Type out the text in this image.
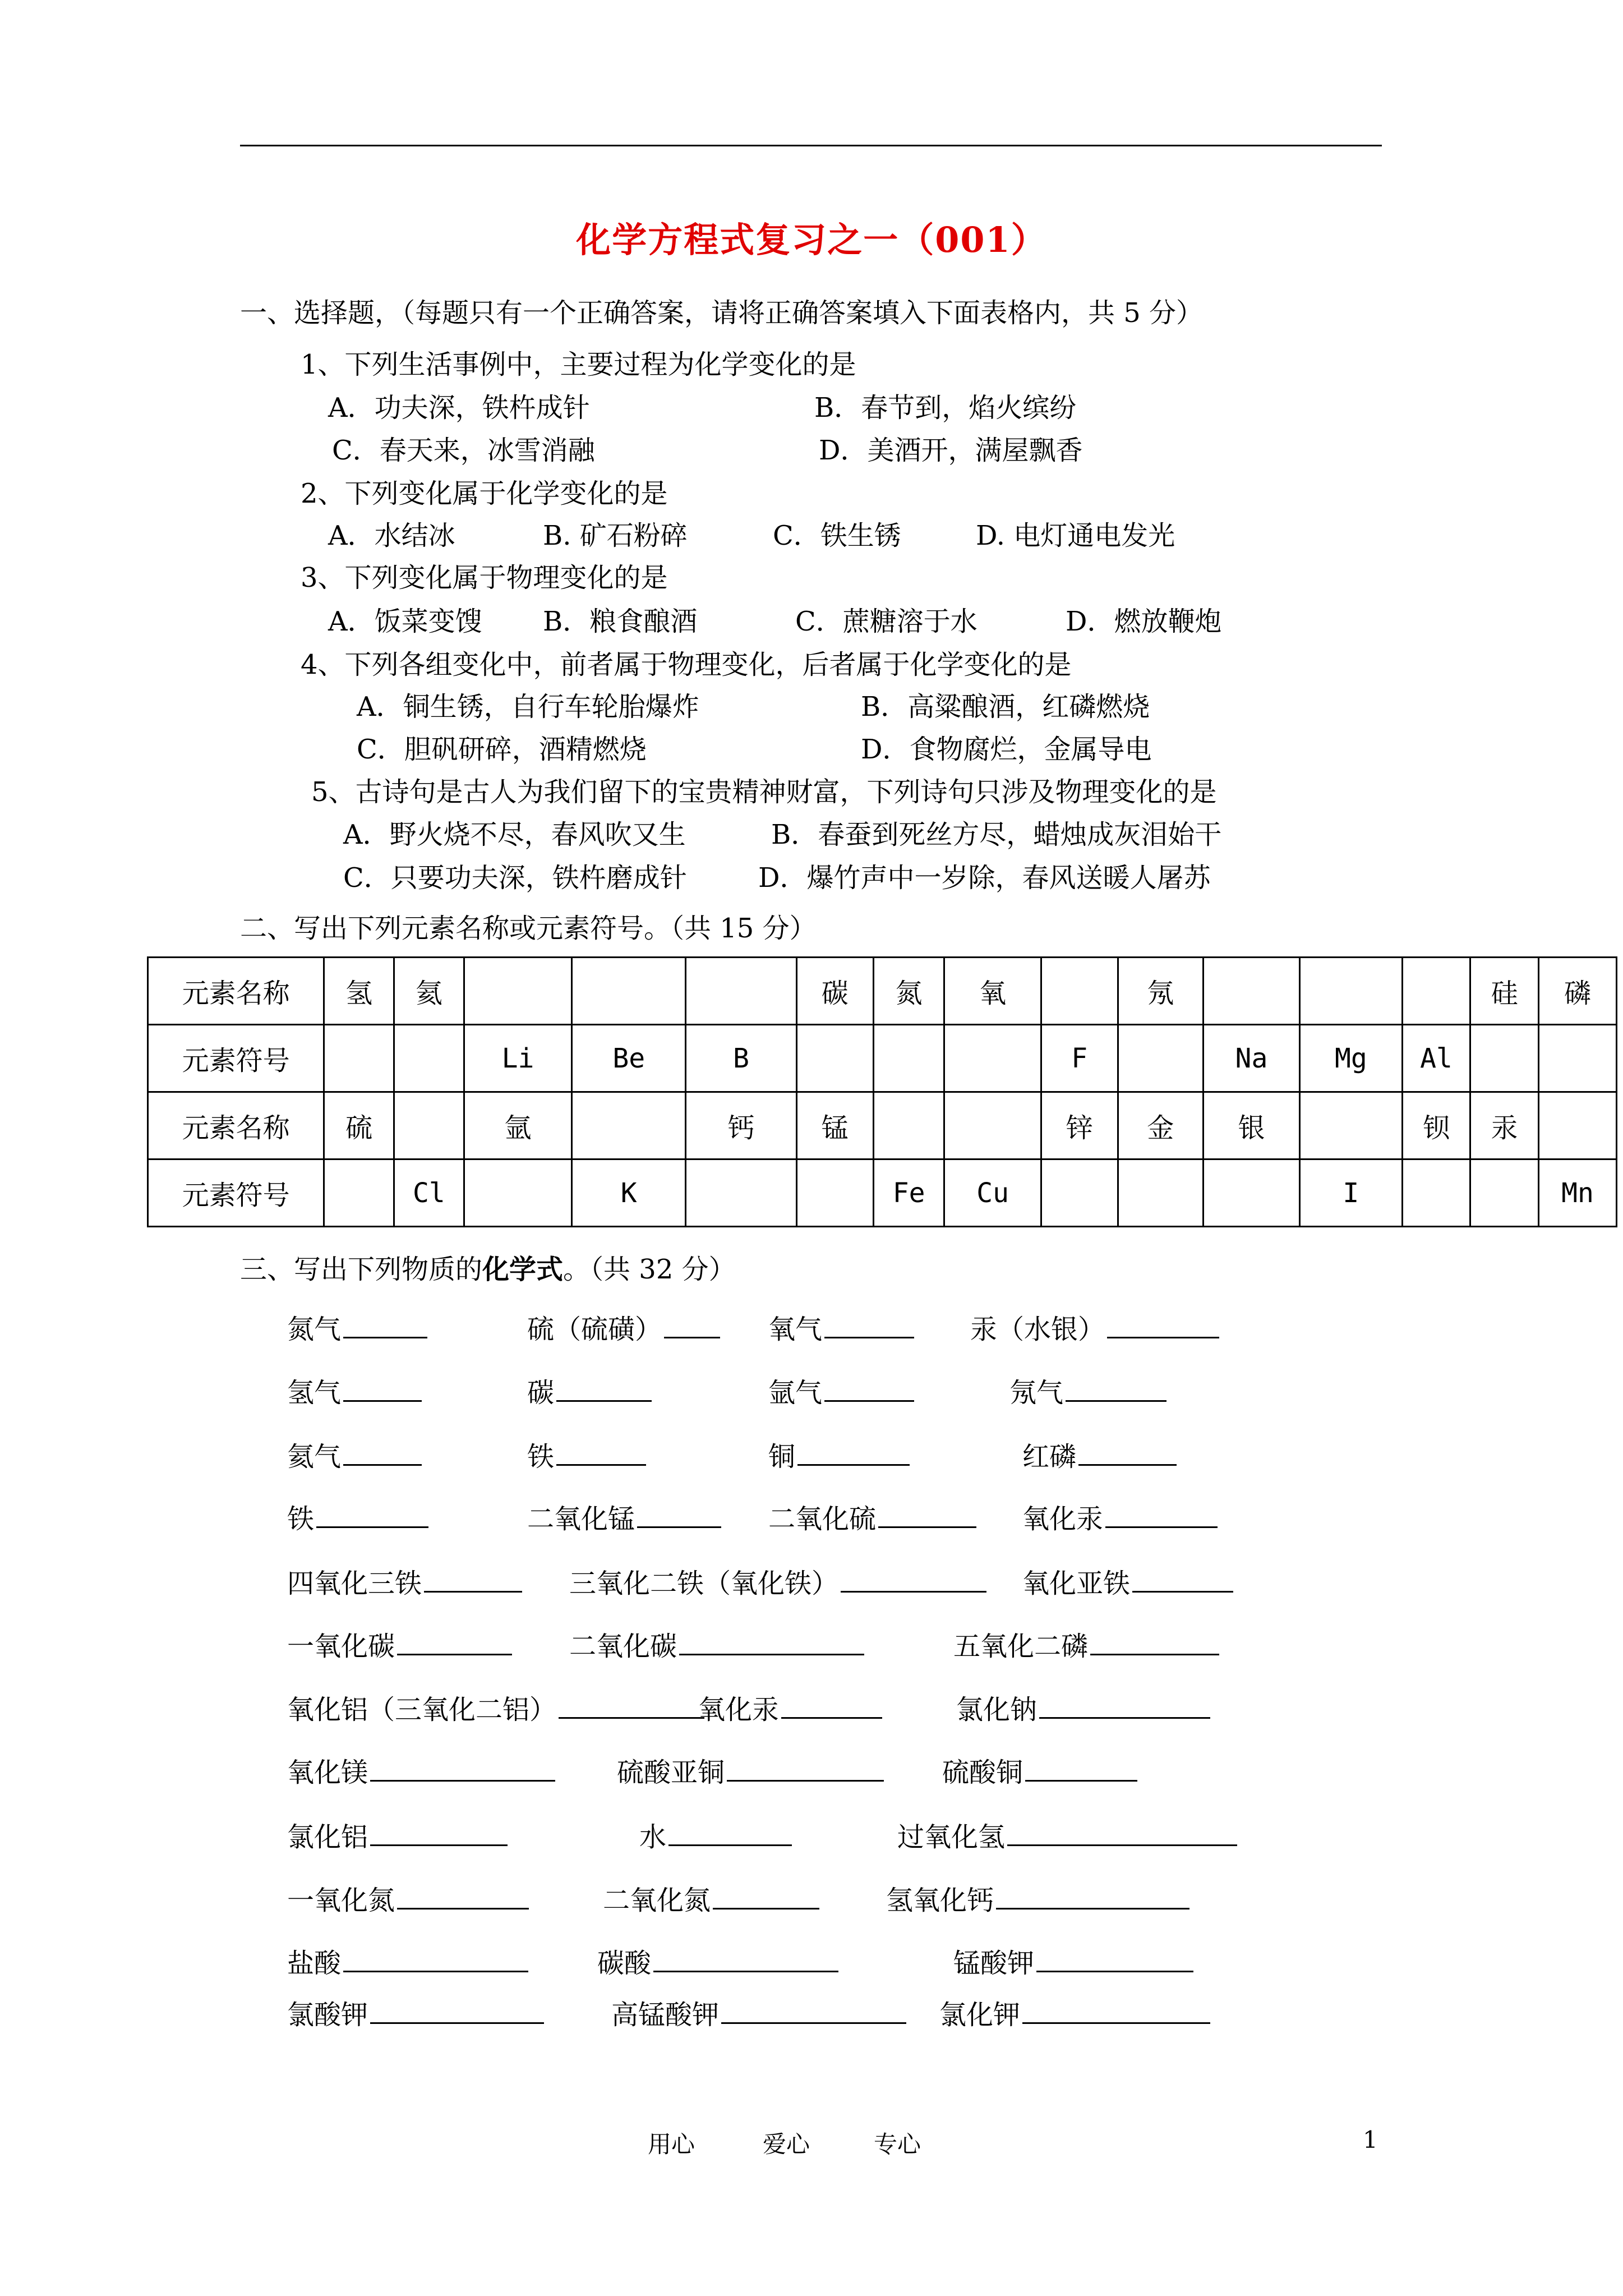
化学方程式复习之一（001）
一、选择题，（每题只有一个正确答案，请将正确答案填入下面表格内，共 5 分）
1、下列生活事例中，主要过程为化学变化的是
A．功夫深，铁杵成针	B．春节到，焰火缤纷
C．春天来，冰雪消融	D．美酒开，满屋飘香
2、下列变化属于化学变化的是
A．水结冰	B. 矿石粉碎	C．铁生锈	D. 电灯通电发光
3、下列变化属于物理变化的是
A．饭菜变馊 B．粮食酿酒	C．蔗糖溶于水	D．燃放鞭炮
4、下列各组变化中，前者属于物理变化，后者属于化学变化的是
A．铜生锈，自行车轮胎爆炸	B．高粱酿酒，红磷燃烧
C．胆矾研碎，酒精燃烧	D．食物腐烂，金属导电
5、古诗句是古人为我们留下的宝贵精神财富，下列诗句只涉及物理变化的是
A．野火烧不尽，春风吹又生	B．春蚕到死丝方尽，蜡烛成灰泪始干
C．只要功夫深，铁杵磨成针	D．爆竹声中一岁除，春风送暖人屠苏
二、写出下列元素名称或元素符号。（共 15 分）
元素名称	氢	氦				碳	氮	氧		氖				硅	磷
元素符号			Li	Be	B				F		Na	Mg	Al		
元素名称	硫		氩		钙	锰			锌	金	银		钡	汞	
元素符号		Cl		K			Fe	Cu				I			Mn
三、写出下列物质的化学式。（共 32 分）
氮气	硫（硫磺）	氧气	汞（水银）
氢气	碳	氩气	氖气
氦气	铁	铜	红磷
铁	二氧化锰	二氧化硫	氧化汞
四氧化三铁	三氧化二铁（氧化铁）	氧化亚铁
一氧化碳	二氧化碳	五氧化二磷
氧化铝（三氧化二铝）	氧化汞	氯化钠
氧化镁	硫酸亚铜	硫酸铜
氯化铝	水	过氧化氢
一氧化氮	二氧化氮	氢氧化钙
盐酸	碳酸	锰酸钾
氯酸钾	高锰酸钾	氯化钾
用心	爱心	专心	1
